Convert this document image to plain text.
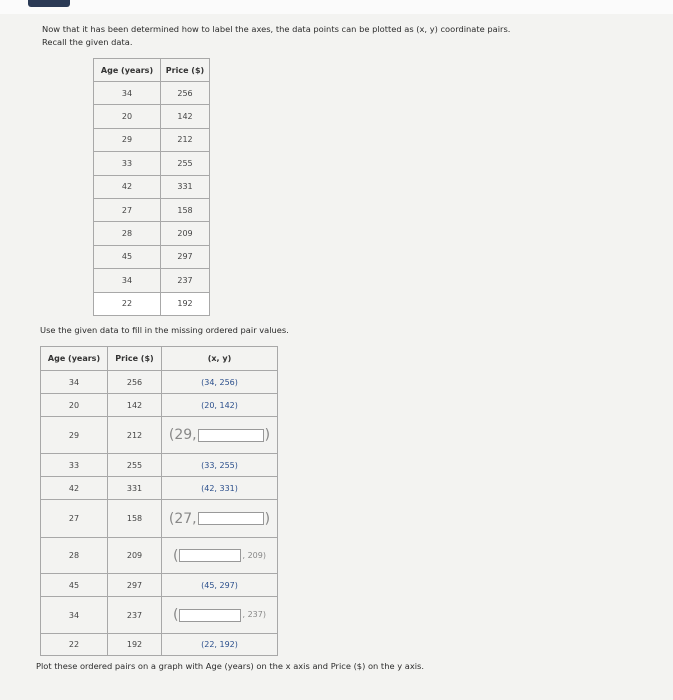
Now that it has been determined how to label the axes, the data points can be plotted as (x, y) coordinate pairs.
Recall the given data.
Age (years)	Price ($)
34	256
20	142
29	212
33	255
42	331
27	158
28	209
45	297
34	237
22	192
Use the given data to fill in the missing ordered pair values.
Age (years)	Price ($)	(x, y)
34	256	(34, 256)
20	142	(20, 142)
29	212	(29, )

33	255	(33, 255)
42	331	(42, 331)
27	158	(27, )

28	209	( , 209)

45	297	(45, 297)
34	237	( , 237)

22	192	(22, 192)
Plot these ordered pairs on a graph with Age (years) on the x axis and Price ($) on the y axis.
